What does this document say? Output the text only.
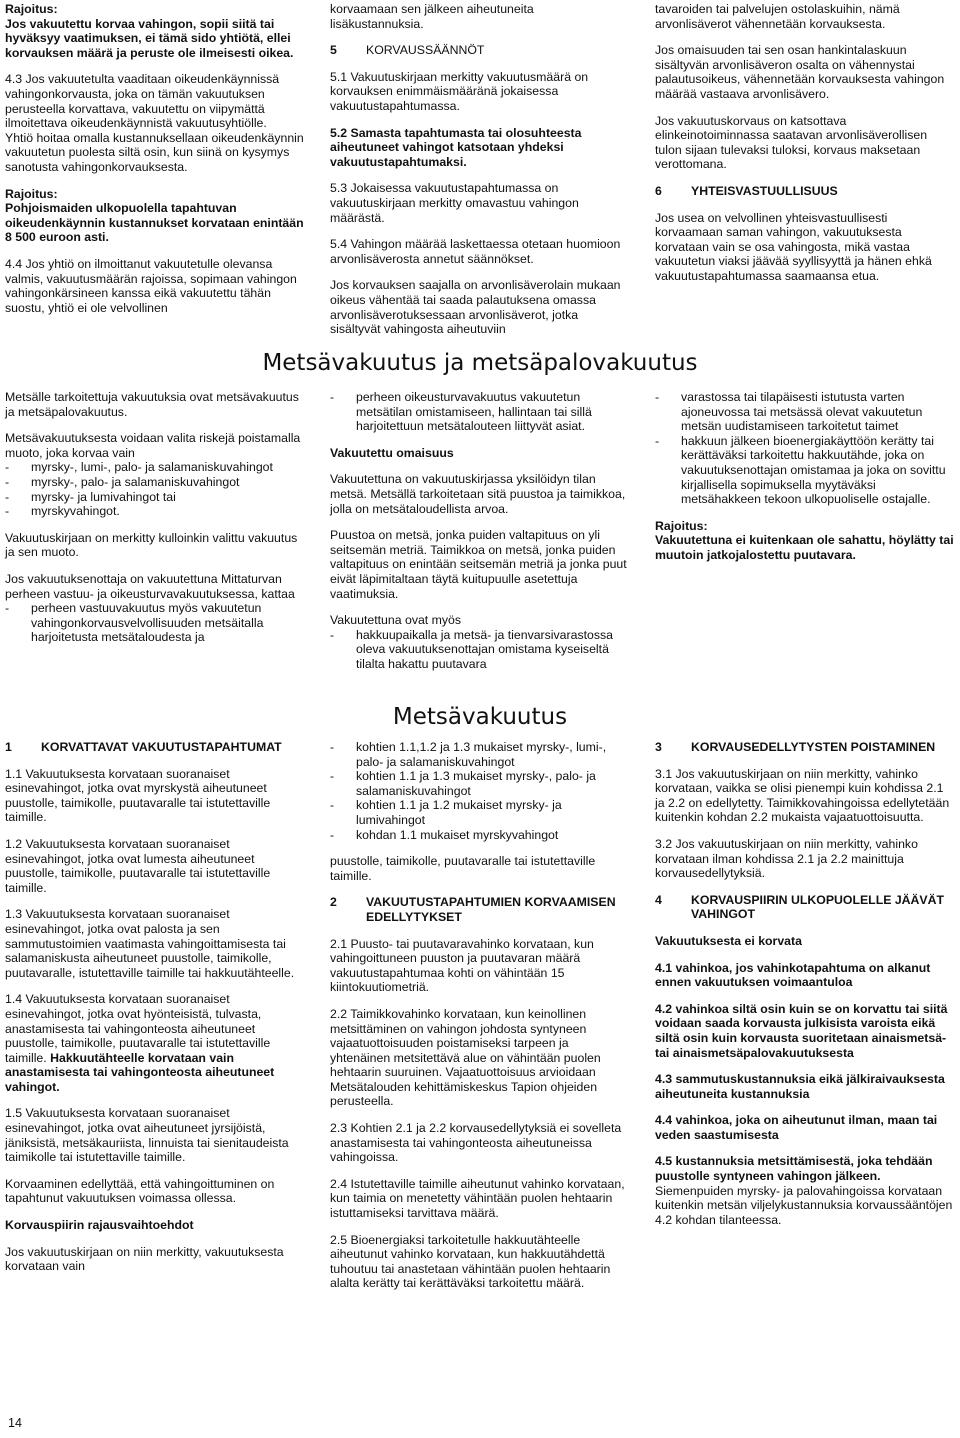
Rajoitus:
Jos vakuutettu korvaa vahingon, sopii siitä tai hyväksyy vaatimuksen, ei tämä sido yhtiötä, ellei korvauksen määrä ja peruste ole ilmeisesti oikea.

4.3 Jos vakuutetulta vaaditaan oikeudenkäynnissä vahingonkorvausta, joka on tämän vakuutuksen perusteella korvattava, vakuutettu on viipymättä ilmoitettava oikeudenkäynnistä vakuutusyhtiölle.

Yhtiö hoitaa omalla kustannuksellaan oikeudenkäynnin vakuutetun puolesta siltä osin, kun siinä on kysymys sanotusta vahingonkorvauksesta.

Rajoitus:
Pohjoismaiden ulkopuolella tapahtuvan oikeudenkäynnin kustannukset korvataan enintään 8 500 euroon asti.

4.4 Jos yhtiö on ilmoittanut vakuutetulle olevansa valmis, vakuutusmäärän rajoissa, sopimaan vahingon vahingonkärsineen kanssa eikä vakuutettu tähän suostu, yhtiö ei ole velvollinen

korvaamaan sen jälkeen aiheutuneita lisäkustannuksia.

5	KORVAUSSÄÄNNÖT

5.1 Vakuutuskirjaan merkitty vakuutusmäärä on korvauksen enimmäismääränä jokaisessa vakuutustapahtumassa.

5.2 Samasta tapahtumasta tai olosuhteesta aiheutuneet vahingot katsotaan yhdeksi vakuutustapahtumaksi.

5.3 Jokaisessa vakuutustapahtumassa on vakuutuskirjaan merkitty omavastuu vahingon määrästä.

5.4 Vahingon määrää laskettaessa otetaan huomioon arvonlisäverosta annetut säännökset.

Jos korvauksen saajalla on arvonlisäverolain mukaan oikeus vähentää tai saada palautuksena omassa arvonlisäverotuksessaan arvonlisäverot, jotka sisältyvät vahingosta aiheutuviin

tavaroiden tai palvelujen ostolaskuihin, nämä arvonlisäverot vähennetään korvauksesta.

Jos omaisuuden tai sen osan hankintalaskuun sisältyvän arvonlisäveron osalta on vähennystai palautusoikeus, vähennetään korvauksesta vahingon määrää vastaava arvonlisävero.

Jos vakuutuskorvaus on katsottava elinkeinotoiminnassa saatavan arvonlisäverollisen tulon sijaan tulevaksi tuloksi, korvaus maksetaan verottomana.

6	YHTEISVASTUULLISUUS

Jos usea on velvollinen yhteisvastuullisesti korvaamaan saman vahingon, vakuutuksesta korvataan vain se osa vahingosta, mikä vastaa vakuutetun viaksi jäävää syyllisyyttä ja hänen ehkä vakuutustapahtumassa saamaansa etua.

Metsävakuutus ja metsäpalovakuutus

Metsälle tarkoitettuja vakuutuksia ovat metsävakuutus ja metsäpalovakuutus.

Metsävakuutuksesta voidaan valita riskejä poistamalla muoto, joka korvaa vain

- myrsky-, lumi-, palo- ja salamaniskuvahingot
- myrsky-, palo- ja salamaniskuvahingot
- myrsky- ja lumivahingot tai
- myrskyvahingot.

Vakuutuskirjaan on merkitty kulloinkin valittu vakuutus ja sen muoto.

Jos vakuutuksenottaja on vakuutettuna Mittaturvan perheen vastuu- ja oikeusturvavakuutuksessa, kattaa

- perheen vastuuvakuutus myös vakuutetun vahingonkorvausvelvollisuuden metsäitalla harjoitetusta metsätaloudesta ja
- perheen oikeusturvavakuutus vakuutetun metsätilan omistamiseen, hallintaan tai sillä harjoitettuun metsätalouteen liittyvät asiat.
Vakuutettu omaisuus

Vakuutettuna on vakuutuskirjassa yksilöidyn tilan metsä. Metsällä tarkoitetaan sitä puustoa ja taimikkoa, jolla on metsätaloudellista arvoa.

Puustoa on metsä, jonka puiden valtapituus on yli seitsemän metriä. Taimikkoa on metsä, jonka puiden valtapituus on enintään seitsemän metriä ja jonka puut eivät läpimitaltaan täytä kuitupuulle asetettuja vaatimuksia.

Vakuutettuna ovat myös

- hakkuupaikalla ja metsä- ja tienvarsivarastossa oleva vakuutuksenottajan omistama kyseiseltä tilalta hakattu puutavara
- varastossa tai tilapäisesti istutusta varten ajoneuvossa tai metsässä olevat vakuutetun metsän uudistamiseen tarkoitetut taimet
- hakkuun jälkeen bioenergiakäyttöön kerätty tai kerättäväksi tarkoitettu hakkuutähde, joka on vakuutuksenottajan omistamaa ja joka on sovittu kirjallisella sopimuksella myytäväksi metsähakkeen tekoon ulkopuoliselle ostajalle.

Rajoitus:
Vakuutettuna ei kuitenkaan ole sahattu, höylätty tai muutoin jatkojalostettu puutavara.

Metsävakuutus
1	KORVATTAVAT VAKUUTUSTAPAHTUMAT

1.1 Vakuutuksesta korvataan suoranaiset esinevahingot, jotka ovat myrskystä aiheutuneet puustolle, taimikolle, puutavaralle tai istutettaville taimille.

1.2 Vakuutuksesta korvataan suoranaiset esinevahingot, jotka ovat lumesta aiheutuneet puustolle, taimikolle, puutavaralle tai istutettaville taimille.

1.3 Vakuutuksesta korvataan suoranaiset esinevahingot, jotka ovat palosta ja sen sammutustoimien vaatimasta vahingoittamisesta tai salamaniskusta aiheutuneet puustolle, taimikolle, puutavaralle, istutettaville taimille tai hakkuutähteelle.

1.4 Vakuutuksesta korvataan suoranaiset esinevahingot, jotka ovat hyönteisistä, tulvasta, anastamisesta tai vahingonteosta aiheutuneet puustolle, taimikolle, puutavaralle tai istutettaville taimille. Hakkuutähteelle korvataan vain anastamisesta tai vahingonteosta aiheutuneet vahingot.

1.5 Vakuutuksesta korvataan suoranaiset esinevahingot, jotka ovat aiheutuneet jyrsijöistä, jäniksistä, metsäkauriista, linnuista tai sienitaudeista taimikolle tai istutettaville taimille.

Korvaaminen edellyttää, että vahingoittuminen on tapahtunut vakuutuksen voimassa ollessa.

Korvauspiirin rajausvaihtoehdot

Jos vakuutuskirjaan on niin merkitty, vakuutuksesta korvataan vain

- kohtien 1.1,1.2 ja 1.3 mukaiset myrsky-, lumi-, palo- ja salamaniskuvahingot
- kohtien 1.1 ja 1.3 mukaiset myrsky-, palo- ja salamaniskuvahingot
- kohtien 1.1 ja 1.2 mukaiset myrsky- ja lumivahingot
- kohdan 1.1 mukaiset myrskyvahingot

puustolle, taimikolle, puutavaralle tai istutettaville taimille.

2	VAKUUTUSTAPAHTUMIEN KORVAAMISEN EDELLYTYKSET

2.1 Puusto- tai puutavaravahinko korvataan, kun vahingoittuneen puuston ja puutavaran määrä vakuutustapahtumaa kohti on vähintään 15 kiintokuutiometriä.

2.2 Taimikkovahinko korvataan, kun keinollinen metsittäminen on vahingon johdosta syntyneen vajaatuottoisuuden poistamiseksi tarpeen ja yhtenäinen metsitettävä alue on vähintään puolen hehtaarin suuruinen. Vajaatuottoisuus arvioidaan Metsätalouden kehittämiskeskus Tapion ohjeiden perusteella.

2.3 Kohtien 2.1 ja 2.2 korvausedellytyksiä ei sovelleta anastamisesta tai vahingonteosta aiheutuneissa vahingoissa.

2.4 Istutettaville taimille aiheutunut vahinko korvataan, kun taimia on menetetty vähintään puolen hehtaarin istuttamiseksi tarvittava määrä.

2.5 Bioenergiaksi tarkoitetulle hakkuutähteelle aiheutunut vahinko korvataan, kun hakkuutähdettä tuhoutuu tai anastetaan vähintään puolen hehtaarin alalta kerätty tai kerättäväksi tarkoitettu määrä.

3	KORVAUSEDELLYTYSTEN POISTAMINEN

3.1 Jos vakuutuskirjaan on niin merkitty, vahinko korvataan, vaikka se olisi pienempi kuin kohdissa 2.1 ja 2.2 on edellytetty. Taimikkovahingoissa edellytetään kuitenkin kohdan 2.2 mukaista vajaatuottoisuutta.

3.2 Jos vakuutuskirjaan on niin merkitty, vahinko korvataan ilman kohdissa 2.1 ja 2.2 mainittuja korvausedellytyksiä.

4	KORVAUSPIIRIN ULKOPUOLELLE JÄÄVÄT VAHINGOT
Vakuutuksesta ei korvata

4.1 vahinkoa, jos vahinkotapahtuma on alkanut ennen vakuutuksen voimaantuloa

4.2 vahinkoa siltä osin kuin se on korvattu tai siitä voidaan saada korvausta julkisista varoista eikä siltä osin kuin korvausta suoritetaan ainaismetsä- tai ainaismetsäpalovakuutuksesta

4.3 sammutuskustannuksia eikä jälkiraivauksesta aiheutuneita kustannuksia

4.4 vahinkoa, joka on aiheutunut ilman, maan tai veden saastumisesta

4.5 kustannuksia metsittämisestä, joka tehdään puustolle syntyneen vahingon jälkeen. Siemenpuiden myrsky- ja palovahingoissa korvataan kuitenkin metsän viljelykustannuksia korvaussääntöjen 4.2 kohdan tilanteessa.

14
